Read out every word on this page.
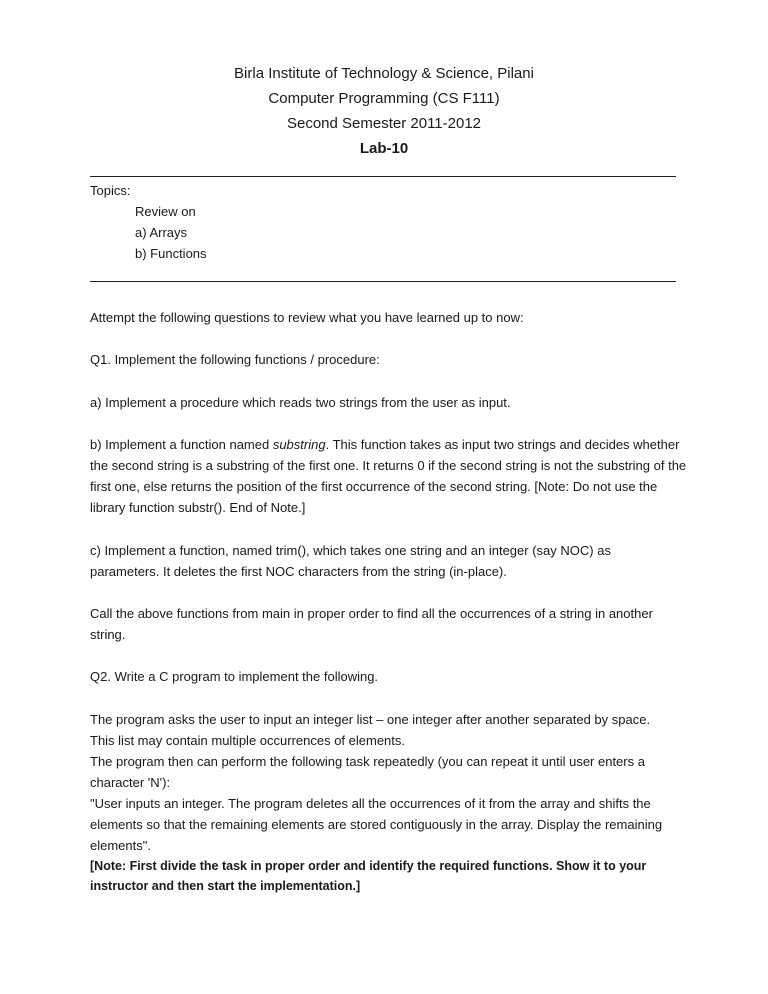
Birla Institute of Technology & Science, Pilani
Computer Programming (CS F111)
Second Semester 2011-2012
Lab-10
Topics:
Review on
a) Arrays
b) Functions

Attempt the following questions to review what you have learned up to now:

Q1. Implement the following functions / procedure:

a) Implement a procedure which reads two strings from the user as input.

b) Implement a function named substring. This function takes as input two strings and decides whether the second string is a substring of the first one. It returns 0 if the second string is not the substring of the first one, else returns the position of the first occurrence of the second string. [Note: Do not use the library function substr(). End of Note.]

c) Implement a function, named trim(), which takes one string and an integer (say NOC) as parameters. It deletes the first NOC characters from the string (in-place).

Call the above functions from main in proper order to find all the occurrences of a string in another string.

Q2. Write a C program to implement the following.

The program asks the user to input an integer list – one integer after another separated by space. This list may contain multiple occurrences of elements.

The program then can perform the following task repeatedly (you can repeat it until user enters a character 'N'):

"User inputs an integer. The program deletes all the occurrences of it from the array and shifts the elements so that the remaining elements are stored contiguously in the array. Display the remaining elements".

[Note: First divide the task in proper order and identify the required functions. Show it to your instructor and then start the implementation.]
